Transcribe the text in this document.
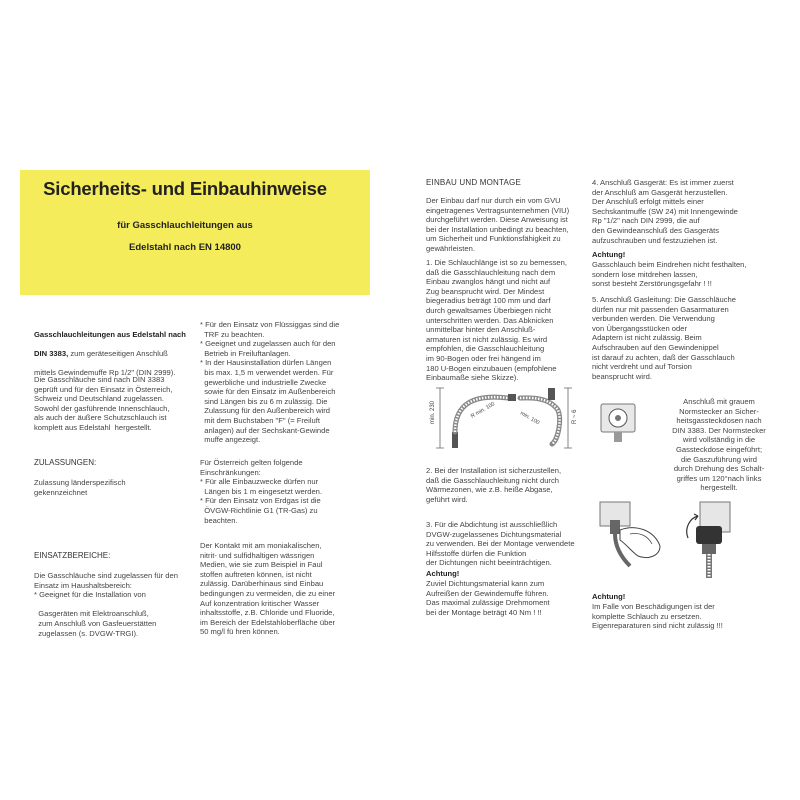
Sicherheits- und Einbauhinweise
für Gasschlauchleitungen aus
Edelstahl nach EN 14800

Gasschlauchleitungen aus Edelstahl nach

DIN 3383, zum geräteseitigen Anschluß

mittels Gewindemuffe Rp 1/2" (DIN 2999).

Die Gasschläuche sind nach DIN 3383
geprüft und für den Einsatz in Österreich,
Schweiz und Deutschland zugelassen.
Sowohl der gasführende Innenschlauch,
als auch der äußere Schutzschlauch ist
komplett aus Edelstahl  hergestellt.
ZULASSUNGEN:
Zulassung länderspezifisch
gekennzeichnet
EINSATZBEREICHE:
Die Gasschläuche sind zugelassen für den
Einsatz im Haushaltsbereich:
* Geeignet für die Installation von

Gasgeräten mit Elektroanschluß,
zum Anschluß von Gasfeuerstätten
zugelassen (s. DVGW-TRGI).
* Für den Einsatz von Flüssiggas sind die
TRF zu beachten.
* Geeignet und zugelassen auch für den
Betrieb in Freiluftanlagen.
* In der Hausinstallation dürfen Längen
bis max. 1,5 m verwendet werden. Für
gewerbliche und industrielle Zwecke
sowie für den Einsatz im Außenbereich
sind Längen bis zu 6 m zulässig. Die
Zulassung für den Außenbereich wird
mit dem Buchstaben "F" (= Freiluft
anlagen) auf der Sechskant-Gewinde
muffe angezeigt.
Für Österreich gelten folgende
Einschränkungen:
* Für alle Einbauzwecke dürfen nur
Längen bis 1 m eingesetzt werden.
* Für den Einsatz von Erdgas ist die
ÖVGW-Richtlinie G1 (TR-Gas) zu
beachten.
Der Kontakt mit am moniakalischen,
nitrit- und sulfidhaltigen wässrigen
Medien, wie sie zum Beispiel in Faul
stoffen auftreten können, ist nicht
zulässig. Darüberhinaus sind Einbau
bedingungen zu vermeiden, die zu einer
Auf konzentration kritischer Wasser
inhaltsstoffe, z.B. Chloride und Fluoride,
im Bereich der Edelstahloberfläche über
50 mg/l fü hren können.
EINBAU UND MONTAGE
Der Einbau darf nur durch ein vom GVU
eingetragenes Vertragsunternehmen (VIU)
durchgeführt werden. Diese Anweisung ist
bei der Installation unbedingt zu beachten,
um Sicherheit und Funktionsfähigkeit zu
gewährleisten.
1. Die Schlauchlänge ist so zu bemessen,
daß die Gasschlauchleitung nach dem
Einbau zwanglos hängt und nicht auf
Zug beansprucht wird. Der Mindest
biegeradius beträgt 100 mm und darf
durch gewaltsames Überbiegen nicht
unterschritten werden. Das Abknicken
unmittelbar hinter den Anschluß-
armaturen ist nicht zulässig. Es wird
empfohlen, die Gasschlauchleitung
im 90-Bogen oder frei hängend im
180 U-Bogen einzubauen (empfohlene
Einbaumaße siehe Skizze).
min. 230	R min. 100	min. 100	R ~ 6
2. Bei der Installation ist sicherzustellen,
daß die Gasschlauchleitung nicht durch
Wärmezonen, wie z.B. heiße Abgase,
geführt wird.
3. Für die Abdichtung ist ausschließlich
DVGW-zugelassenes Dichtungsmaterial
zu verwenden. Bei der Montage verwendete
Hilfsstoffe dürfen die Funktion
der Dichtungen nicht beeinträchtigen.
Achtung!
Zuviel Dichtungsmaterial kann zum
Aufreißen der Gewindemuffe führen.
Das maximal zulässige Drehmoment
bei der Montage beträgt 40 Nm ! !!
4. Anschluß Gasgerät: Es ist immer zuerst
der Anschluß am Gasgerät herzustellen.
Der Anschluß erfolgt mittels einer
Sechskantmuffe (SW 24) mit Innengewinde
Rp "1/2" nach DIN 2999, die auf
den Gewindeanschluß des Gasgeräts
aufzuschrauben und festzuziehen ist.
Achtung!
Gasschlauch beim Eindrehen nicht festhalten,
sondern lose mitdrehen lassen,
sonst besteht Zerstörungsgefahr ! !!
5. Anschluß Gasleitung: Die Gasschläuche
dürfen nur mit passenden Gasarmaturen
verbunden werden. Die Verwendung
von Übergangsstücken oder
Adaptern ist nicht zulässig. Beim
Aufschrauben auf den Gewindenippel
ist darauf zu achten, daß der Gasschlauch
nicht verdreht und auf Torsion
beansprucht wird.
Anschluß mit grauem
Normstecker an Sicher-
heitsgassteckdosen nach
DIN 3383. Der Normstecker
wird vollständig in die
Gassteckdose eingeführt;
die Gaszuführung wird
durch Drehung des Schalt-
griffes um 120°nach links
hergestellt.
Achtung!
Im Falle von Beschädigungen ist der
komplette Schlauch zu ersetzen.
Eigenreparaturen sind nicht zulässig !!!
